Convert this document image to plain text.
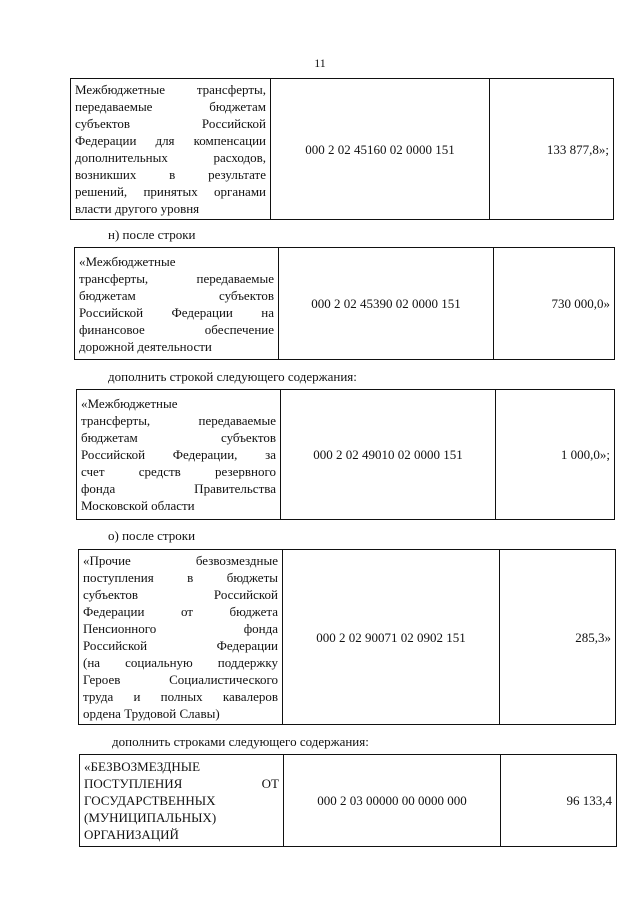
11
Межбюджетные трансферты,
передаваемые бюджетам
субъектов Российской
Федерации для компенсации
дополнительных расходов,
возникших в результате
решений, принятых органами
власти другого уровня
	000 2 02 45160 02 0000 151	133 877,8»;
н) после строки
«Межбюджетные
трансферты, передаваемые
бюджетам субъектов
Российской Федерации на
финансовое обеспечение
дорожной деятельности
	000 2 02 45390 02 0000 151	730 000,0»
дополнить строкой следующего содержания:
«Межбюджетные
трансферты, передаваемые
бюджетам субъектов
Российской Федерации, за
счет средств резервного
фонда Правительства
Московской области
	000 2 02 49010 02 0000 151	1 000,0»;
о) после строки
«Прочие безвозмездные
поступления в бюджеты
субъектов Российской
Федерации от бюджета
Пенсионного фонда
Российской Федерации
(на социальную поддержку
Героев Социалистического
труда и полных кавалеров
ордена Трудовой Славы)
	000 2 02 90071 02 0902 151	285,3»
дополнить строками следующего содержания:
«БЕЗВОЗМЕЗДНЫЕ
ПОСТУПЛЕНИЯ ОТ
ГОСУДАРСТВЕННЫХ
(МУНИЦИПАЛЬНЫХ)
ОРГАНИЗАЦИЙ
	000 2 03 00000 00 0000 000	96 133,4
